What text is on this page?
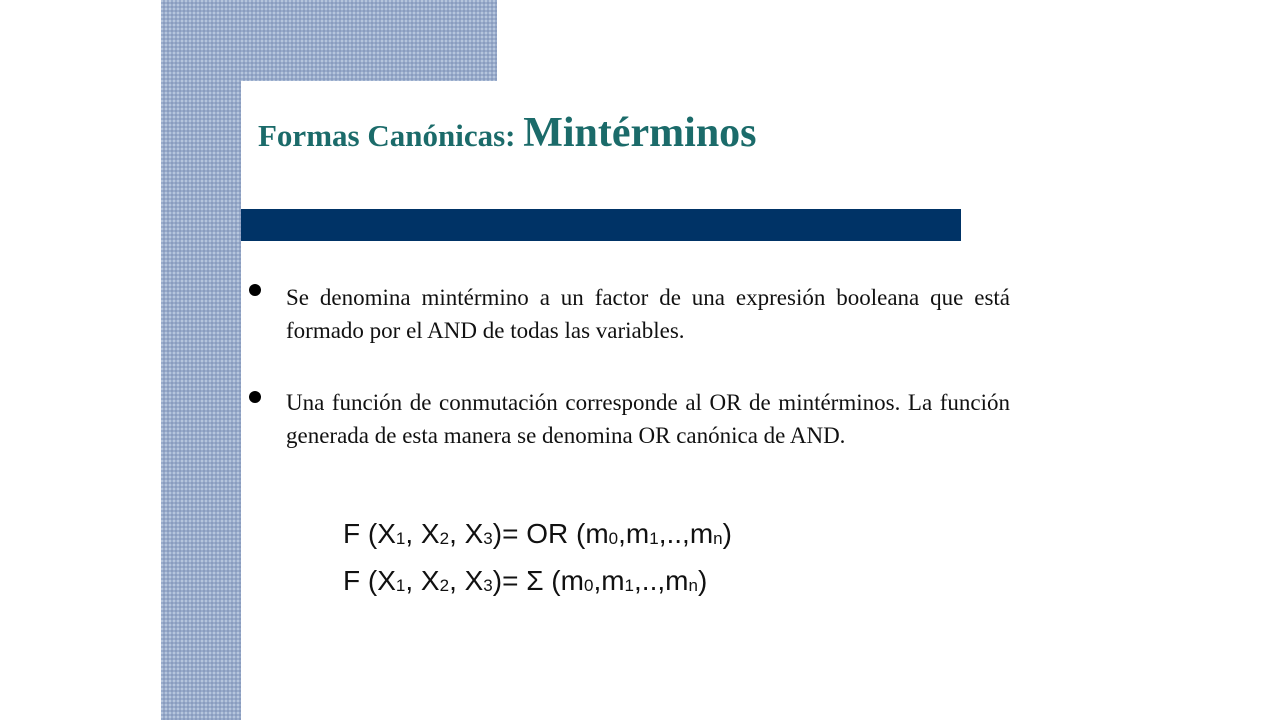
Formas Canónicas: Mintérminos

Se denomina mintérmino a un factor de una expresión booleana que está formado por el AND de todas las variables.

Una función de conmutación corresponde al OR de mintérminos. La función generada de esta manera se denomina OR canónica de AND.

F ($X_1$, $X_2$, $X_3)=$ OR $(m_0,m_1,..,m_n)$
F ($X_1$, $X_2$, $X_3)= \Sigma$ $(m_0,m_1,..,m_n)$
